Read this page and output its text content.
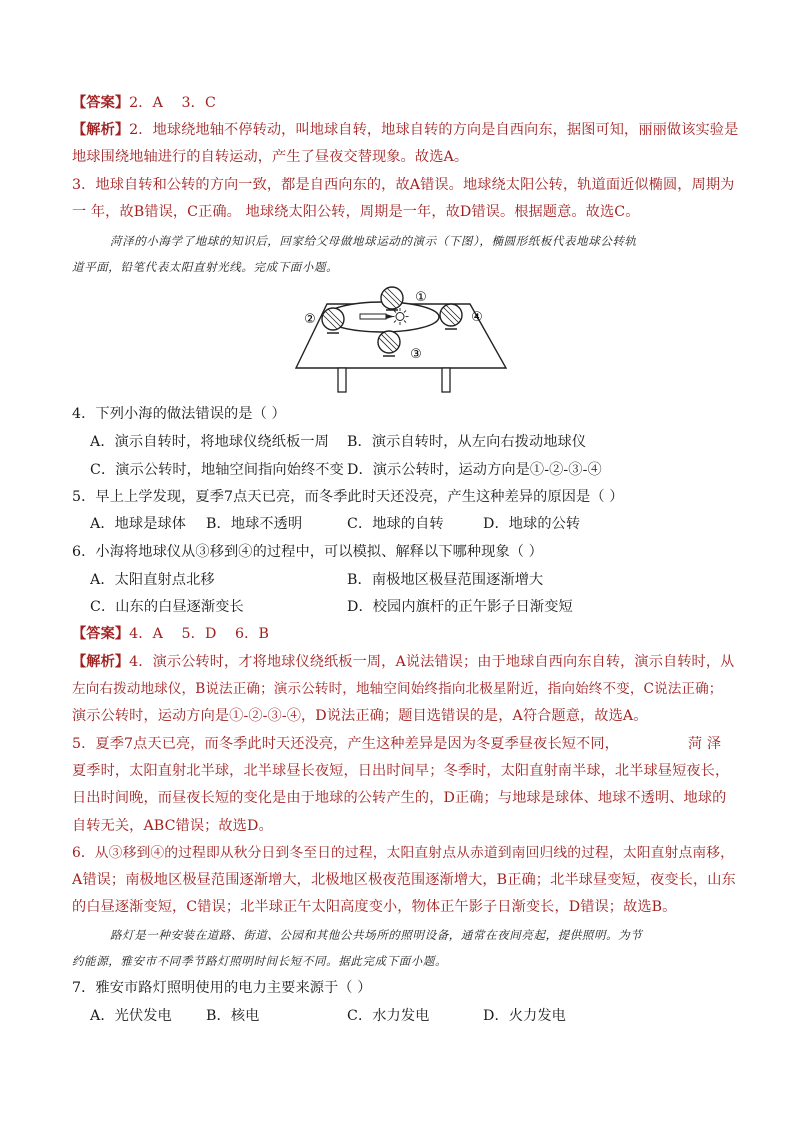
【答案】2．A 3．C
【解析】2．地球绕地轴不停转动，叫地球自转，地球自转的方向是自西向东，据图可知，丽丽做该实验是
地球围绕地轴进行的自转运动，产生了昼夜交替现象。故选A。
3．地球自转和公转的方向一致，都是自西向东的，故A错误。地球绕太阳公转，轨道面近似椭圆，周期为
一 年，故B错误，C正确。 地球绕太阳公转，周期是一年，故D错误。根据题意。故选C。
菏泽的小海学了地球的知识后，回家给父母做地球运动的演示（下图），椭圆形纸板代表地球公转轨
道平面，铅笔代表太阳直射光线。完成下面小题。
①
②
③
④
4．下列小海的做法错误的是（ ）
A．演示自转时，将地球仪绕纸板一周 B．演示自转时，从左向右拨动地球仪
C．演示公转时，地轴空间指向始终不变 D．演示公转时，运动方向是①-②-③-④
5．早上上学发现，夏季7点天已亮，而冬季此时天还没亮，产生这种差异的原因是（ ）
A．地球是球体 B．地球不透明	C．地球的自转	D．地球的公转
6．小海将地球仪从③移到④的过程中，可以模拟、解释以下哪种现象（ ）
A．太阳直射点北移	B．南极地区极昼范围逐渐增大
C．山东的白昼逐渐变长	D．校园内旗杆的正午影子日渐变短
【答案】4．A 5．D 6．B
【解析】4．演示公转时，才将地球仪绕纸板一周，A说法错误；由于地球自西向东自转，演示自转时，从
左向右拨动地球仪，B说法正确；演示公转时，地轴空间始终指向北极星附近，指向始终不变，C说法正确；
演示公转时，运动方向是①-②-③-④，D说法正确；题目选错误的是，A符合题意，故选A。
5．夏季7点天已亮，而冬季此时天还没亮，产生这种差异是因为冬夏季昼夜长短不同，	菏 泽
夏季时，太阳直射北半球，北半球昼长夜短，日出时间早；冬季时，太阳直射南半球，北半球昼短夜长，
日出时间晚，而昼夜长短的变化是由于地球的公转产生的，D正确；与地球是球体、地球不透明、地球的
自转无关，ABC错误；故选D。
6．从③移到④的过程即从秋分日到冬至日的过程，太阳直射点从赤道到南回归线的过程，太阳直射点南移，
A错误；南极地区极昼范围逐渐增大，北极地区极夜范围逐渐增大，B正确；北半球昼变短，夜变长，山东
的白昼逐渐变短，C错误；北半球正午太阳高度变小，物体正午影子日渐变长，D错误；故选B。
路灯是一种安装在道路、街道、公园和其他公共场所的照明设备，通常在夜间亮起，提供照明。为节
约能源，雅安市不同季节路灯照明时间长短不同。据此完成下面小题。
7．雅安市路灯照明使用的电力主要来源于（ ）
A．光伏发电 B．核电	C．水力发电	D．火力发电
